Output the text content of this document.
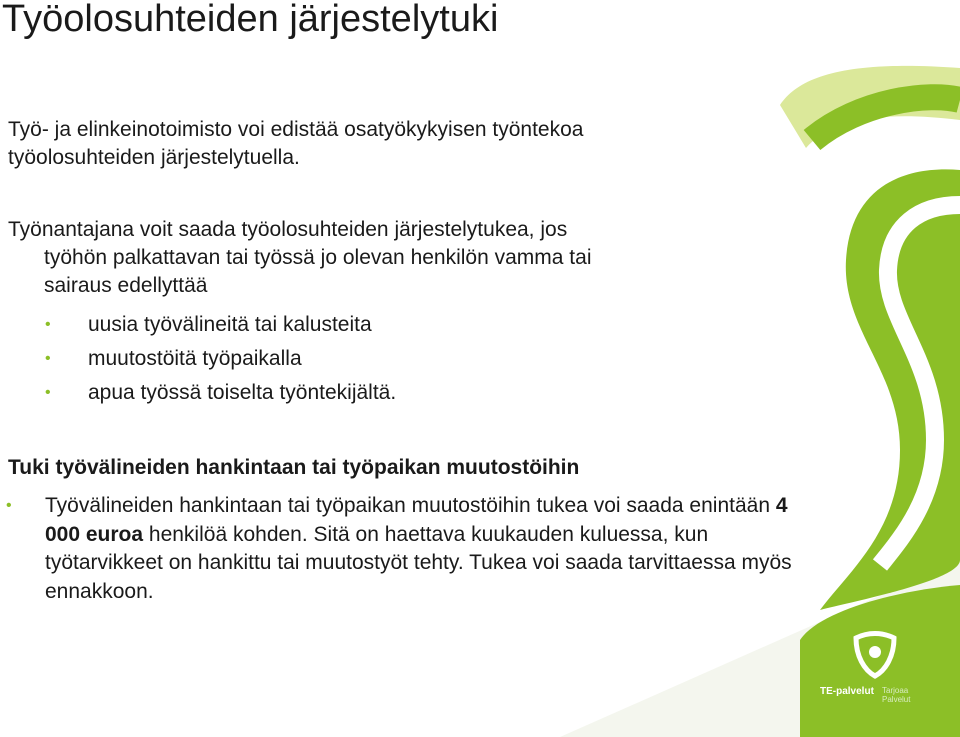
Työolosuhteiden järjestelytuki

Työ- ja elinkeinotoimisto voi edistää osatyökykyisen työntekoa
työolosuhteiden järjestelytuella.

Työnantajana voit saada työolosuhteiden järjestelytukea, jos
työhön palkattavan tai työssä jo olevan henkilön vamma tai
sairaus edellyttää

• uusia työvälineitä tai kalusteita
• muutostöitä työpaikalla
• apua työssä toiselta työntekijältä.
Tuki työvälineiden hankintaan tai työpaikan muutostöihin

• Työvälineiden hankintaan tai työpaikan muutostöihin tukea voi saada enintään 4 000 euroa henkilöä kohden. Sitä on haettava kuukauden kuluessa, kun työtarvikkeet on hankittu tai muutostyöt tehty. Tukea voi saada tarvittaessa myös ennakkoon.

TE-palvelut Tarjoaa
Palvelut
